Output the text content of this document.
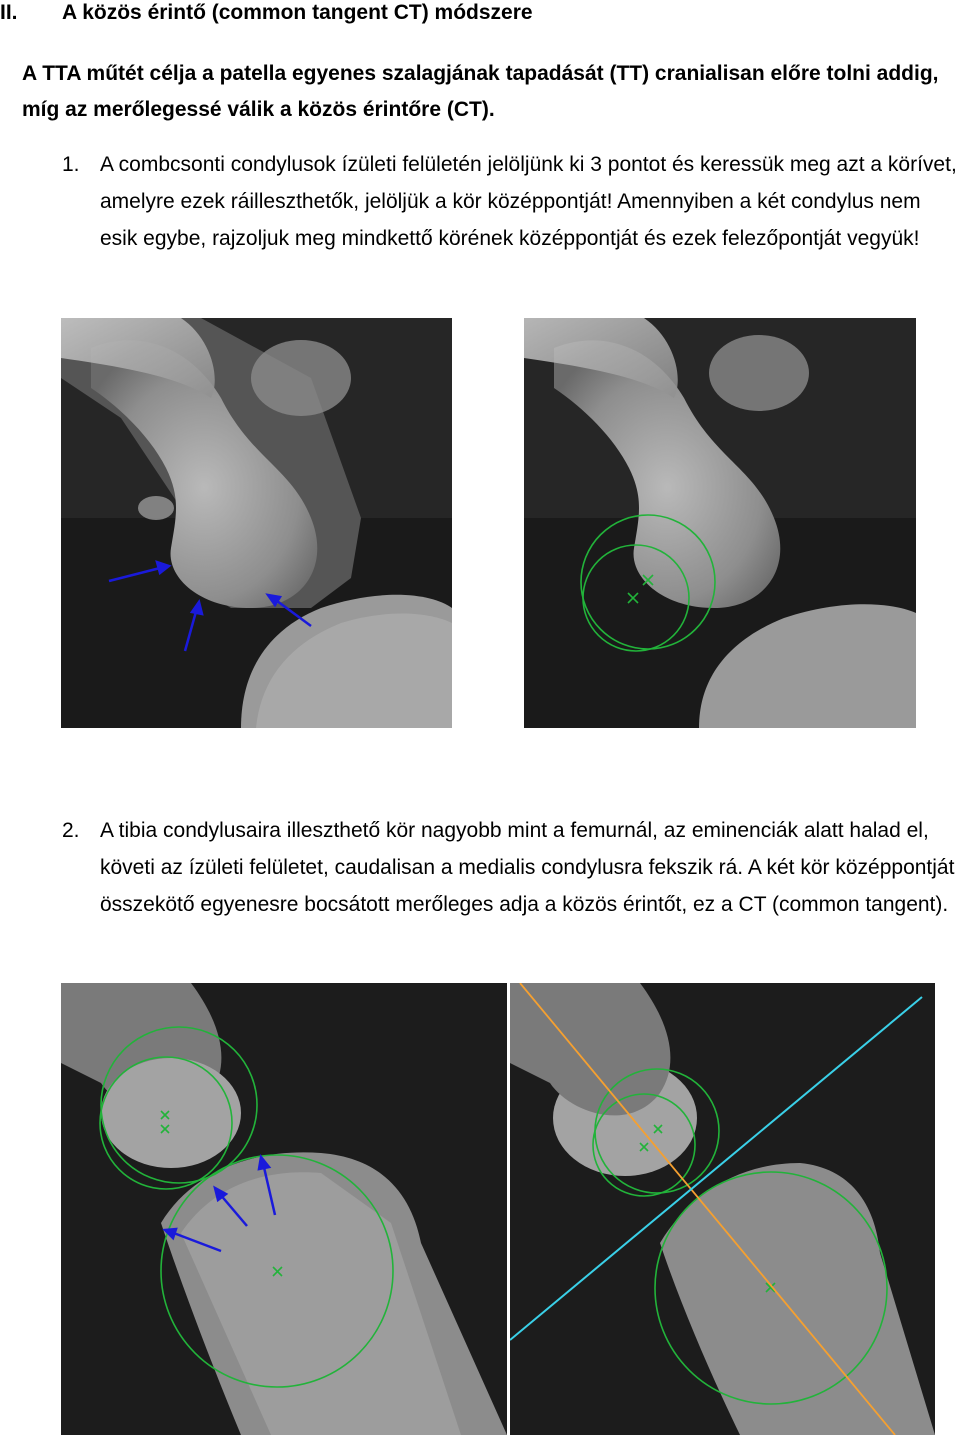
II. A közös érintő (common tangent CT) módszere
A TTA műtét célja a patella egyenes szalagjának tapadását (TT) cranialisan előre tolni addig, míg az merőlegessé válik a közös érintőre (CT).
1. A combcsonti condylusok ízületi felületén jelöljünk ki 3 pontot és keressük meg azt a körívet, amelyre ezek ráilleszthetők, jelöljük a kör középpontját! Amennyiben a két condylus nem esik egybe, rajzoljuk meg mindkettő körének középpontját és ezek felezőpontját vegyük!
2. A tibia condylusaira illeszthető kör nagyobb mint a femurnál, az eminenciák alatt halad el, követi az ízületi felületet, caudalisan a medialis condylusra fekszik rá. A két kör középpontját összekötő egyenesre bocsátott merőleges adja a közös érintőt, ez a CT (common tangent).
